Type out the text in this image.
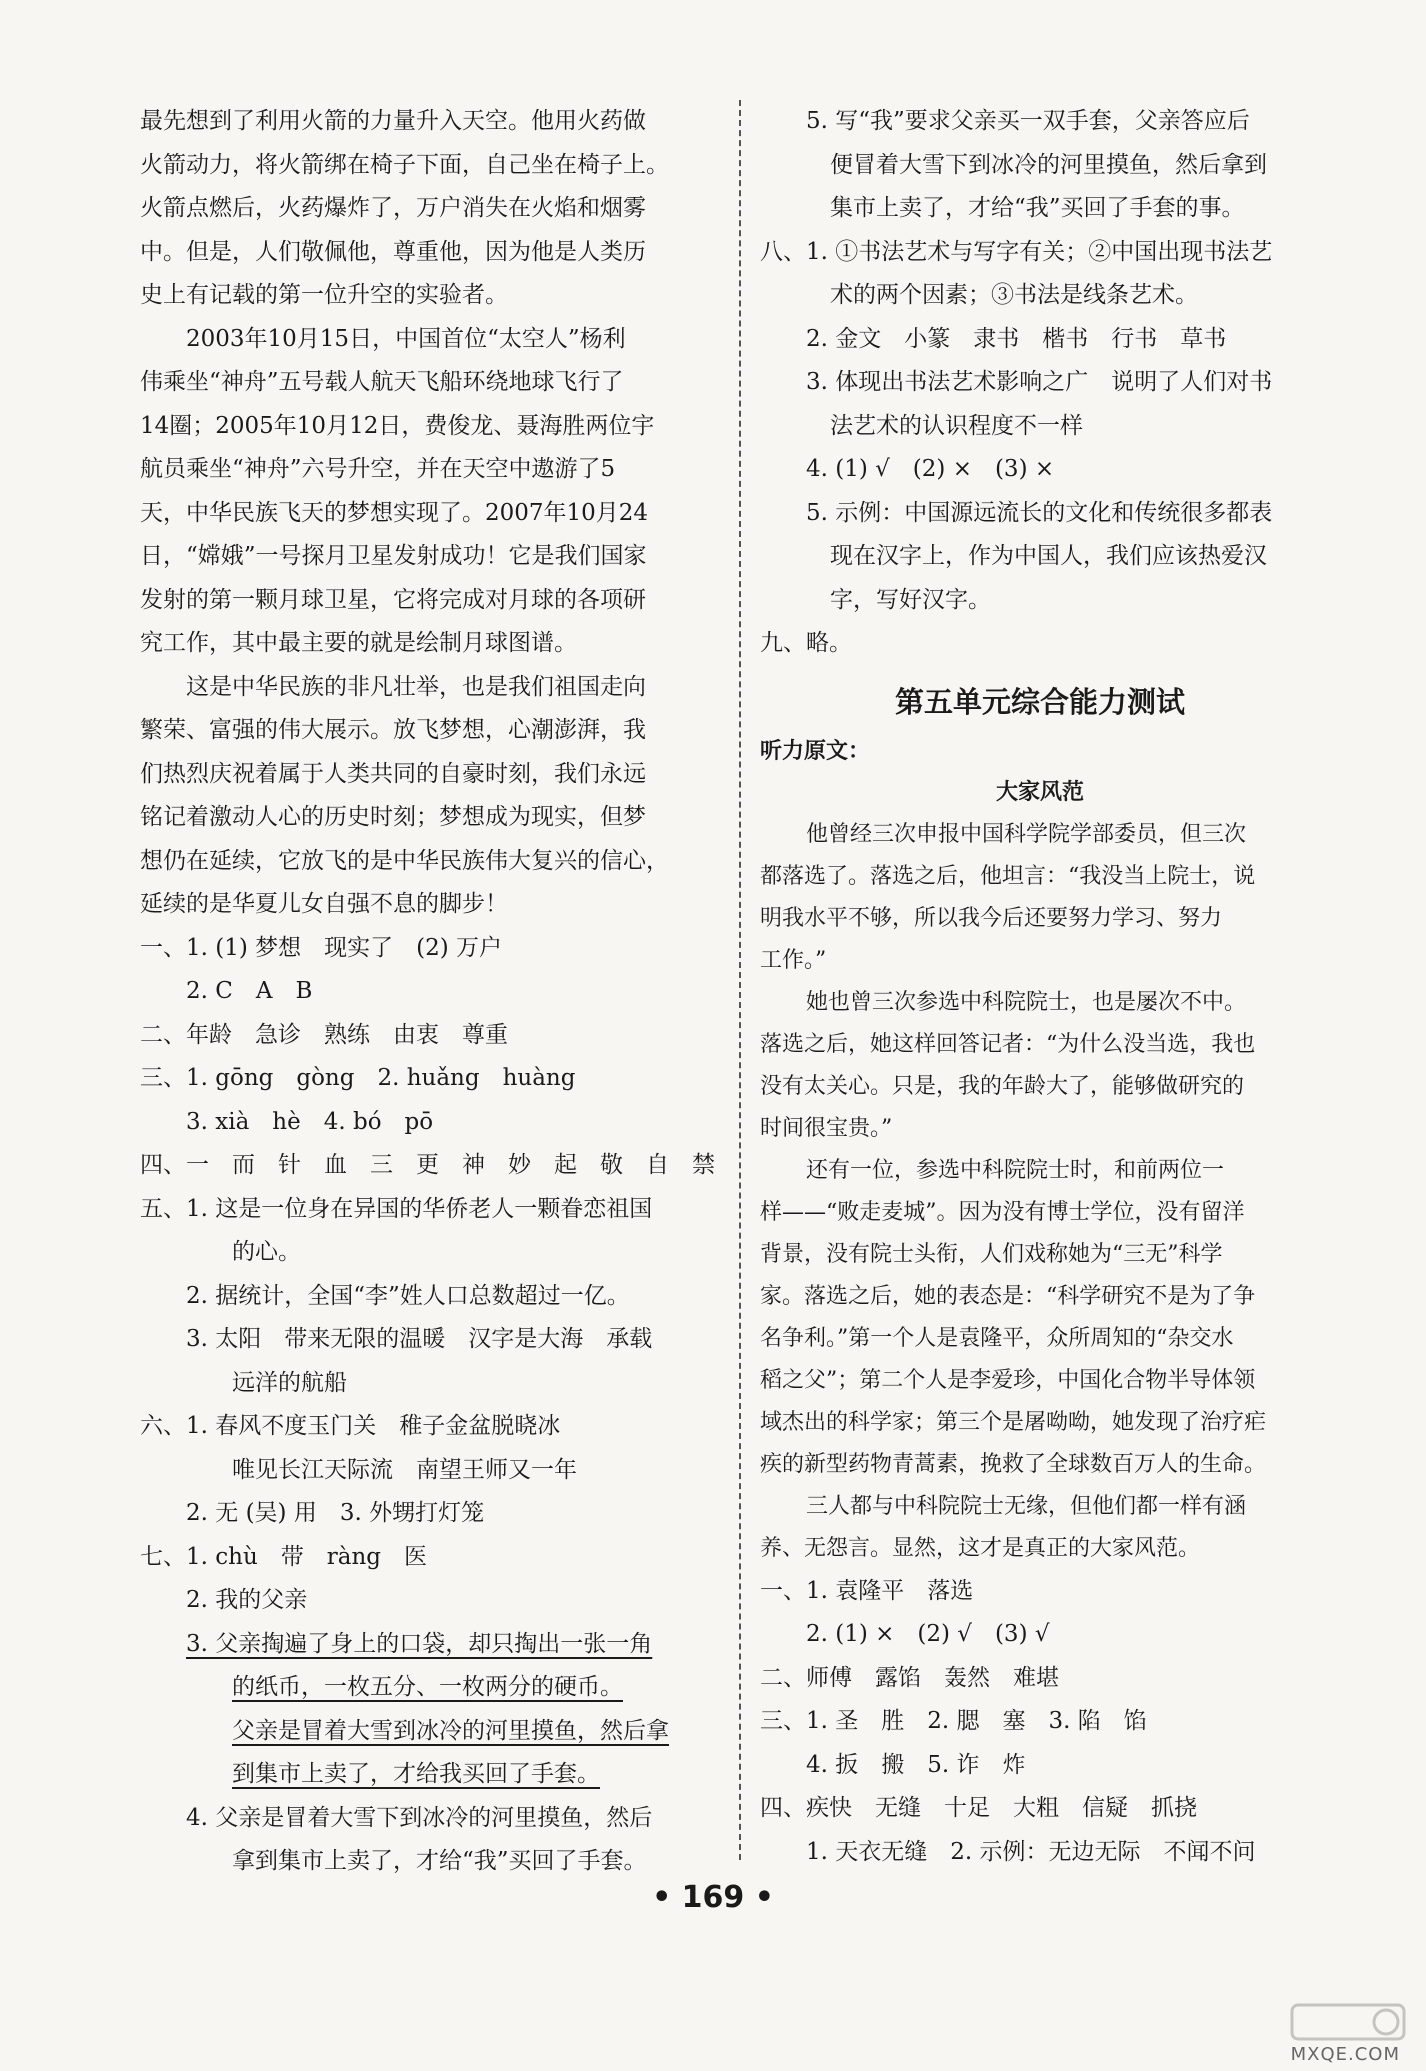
最先想到了利用火箭的力量升入天空。他用火药做
火箭动力，将火箭绑在椅子下面，自己坐在椅子上。
火箭点燃后，火药爆炸了，万户消失在火焰和烟雾
中。但是，人们敬佩他，尊重他，因为他是人类历
史上有记载的第一位升空的实验者。
2003年10月15日，中国首位“太空人”杨利
伟乘坐“神舟”五号载人航天飞船环绕地球飞行了
14圈；2005年10月12日，费俊龙、聂海胜两位宇
航员乘坐“神舟”六号升空，并在天空中遨游了5
天，中华民族飞天的梦想实现了。2007年10月24
日，“嫦娥”一号探月卫星发射成功！它是我们国家
发射的第一颗月球卫星，它将完成对月球的各项研
究工作，其中最主要的就是绘制月球图谱。
这是中华民族的非凡壮举，也是我们祖国走向
繁荣、富强的伟大展示。放飞梦想，心潮澎湃，我
们热烈庆祝着属于人类共同的自豪时刻，我们永远
铭记着激动人心的历史时刻；梦想成为现实，但梦
想仍在延续，它放飞的是中华民族伟大复兴的信心，
延续的是华夏儿女自强不息的脚步！
一、1. (1) 梦想　现实了　(2) 万户
2. C　A　B
二、年龄　急诊　熟练　由衷　尊重
三、1. gōng　gòng　2. huǎng　huàng
3. xià　hè　4. bó　pō
四、一　而　针　血　三　更　神　妙　起　敬　自　禁
五、1. 这是一位身在异国的华侨老人一颗眷恋祖国
的心。
2. 据统计，全国“李”姓人口总数超过一亿。
3. 太阳　带来无限的温暖　汉字是大海　承载
远洋的航船
六、1. 春风不度玉门关　稚子金盆脱晓冰
唯见长江天际流　南望王师又一年
2. 无 (吴) 用　3. 外甥打灯笼
七、1. chù　带　ràng　医
2. 我的父亲
3. 父亲掏遍了身上的口袋，却只掏出一张一角
的纸币，一枚五分、一枚两分的硬币。
父亲是冒着大雪到冰冷的河里摸鱼，然后拿
到集市上卖了，才给我买回了手套。
4. 父亲是冒着大雪下到冰冷的河里摸鱼，然后
拿到集市上卖了，才给“我”买回了手套。
5. 写“我”要求父亲买一双手套，父亲答应后
便冒着大雪下到冰冷的河里摸鱼，然后拿到
集市上卖了，才给“我”买回了手套的事。
八、1. ①书法艺术与写字有关；②中国出现书法艺
术的两个因素；③书法是线条艺术。
2. 金文　小篆　隶书　楷书　行书　草书
3. 体现出书法艺术影响之广　说明了人们对书
法艺术的认识程度不一样
4. (1) √　(2) ×　(3) ×
5. 示例：中国源远流长的文化和传统很多都表
现在汉字上，作为中国人，我们应该热爱汉
字，写好汉字。
九、略。
第五单元综合能力测试
听力原文：
大家风范
他曾经三次申报中国科学院学部委员，但三次
都落选了。落选之后，他坦言：“我没当上院士，说
明我水平不够，所以我今后还要努力学习、努力
工作。”
她也曾三次参选中科院院士，也是屡次不中。
落选之后，她这样回答记者：“为什么没当选，我也
没有太关心。只是，我的年龄大了，能够做研究的
时间很宝贵。”
还有一位，参选中科院院士时，和前两位一
样——“败走麦城”。因为没有博士学位，没有留洋
背景，没有院士头衔，人们戏称她为“三无”科学
家。落选之后，她的表态是：“科学研究不是为了争
名争利。”第一个人是袁隆平，众所周知的“杂交水
稻之父”；第二个人是李爱珍，中国化合物半导体领
域杰出的科学家；第三个是屠呦呦，她发现了治疗疟
疾的新型药物青蒿素，挽救了全球数百万人的生命。
三人都与中科院院士无缘，但他们都一样有涵
养、无怨言。显然，这才是真正的大家风范。
一、1. 袁隆平　落选
2. (1) ×　(2) √　(3) √
二、师傅　露馅　轰然　难堪
三、1. 圣　胜　2. 腮　塞　3. 陷　馅
4. 扳　搬　5. 诈　炸
四、疾快　无缝　十足　大粗　信疑　抓挠
1. 天衣无缝　2. 示例：无边无际　不闻不问
• 169 •
MXQE.COM
